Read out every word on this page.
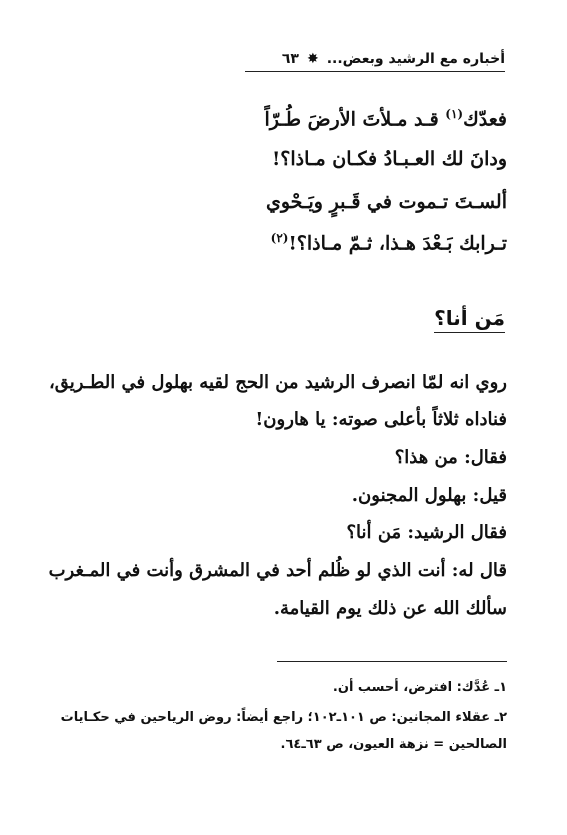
أخباره مع الرشيد وبعض...
✸
٦٣
فعدّك$^{(١)}$ قـد مـلأتَ الأرضَ طُـرّاً
ودانَ لك العـبـادُ فكـان مـاذا؟!
ألسـتَ تـموت في قَـبرٍ ويَـحْوي
تـرابك بَـعْدَ هـذا، ثـمّ مـاذا؟!$^{(٢)}$
مَن أنا؟
روي انه لمّا انصرف الرشيد من الحج لقيه بهلول في الطـريق،
فناداه ثلاثاً بأعلى صوته: يا هارون!
فقال: من هذا؟
قيل: بهلول المجنون.
فقال الرشيد: مَن أنا؟
قال له: أنت الذي لو ظُلم أحد في المشرق وأنت في المـغرب
سألك الله عن ذلك يوم القيامة.
١ـ عُدَّك: افترض، أحسب أن.
٢ـ عقلاء المجانين: ص ١٠١ـ١٠٢؛ راجع أيضاً: روض الرياحين في حكـايات
الصالحين = نزهة العيون، ص ٦٣ـ٦٤.
